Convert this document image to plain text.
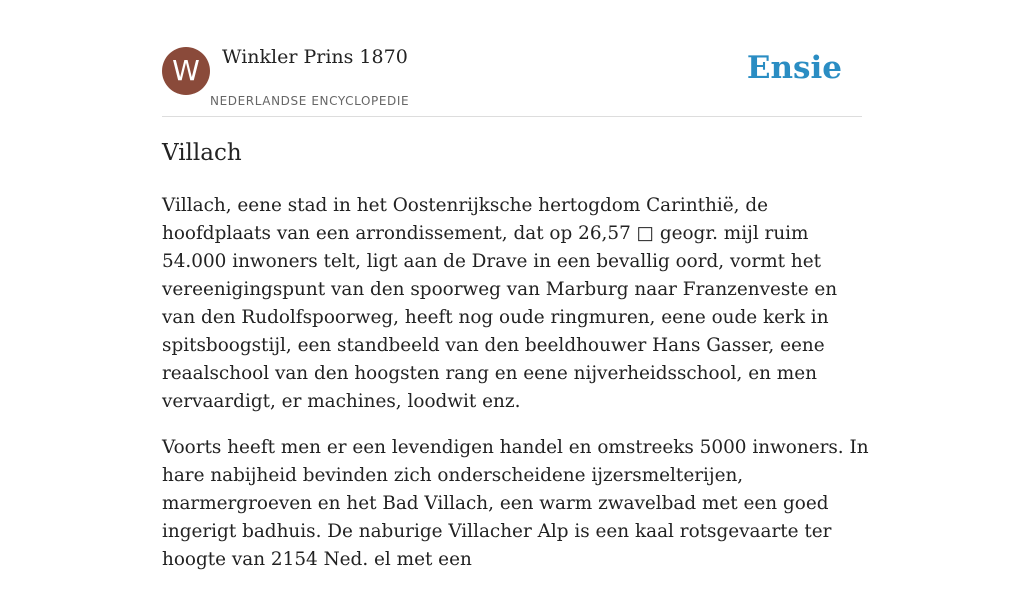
W	Winkler Prins 1870
NEDERLANDSE ENCYCLOPEDIE
Ensie
Villach

Villach, eene stad in het Oostenrijksche hertogdom Carinthië, de hoofdplaats van een arrondissement, dat op 26,57 □ geogr. mijl ruim 54.000 inwoners telt, ligt aan de Drave in een bevallig oord, vormt het vereenigingspunt van den spoorweg van Marburg naar Franzenveste en van den Rudolfspoorweg, heeft nog oude ringmuren, eene oude kerk in spitsboogstijl, een standbeeld van den beeldhouwer Hans Gasser, eene reaalschool van den hoogsten rang en eene nijverheidsschool, en men vervaardigt, er machines, loodwit enz.

Voorts heeft men er een levendigen handel en omstreeks 5000 inwoners. In hare nabijheid bevinden zich onderscheidene ijzersmelterijen, marmergroeven en het Bad Villach, een warm zwavelbad met een goed ingerigt badhuis. De naburige Villacher Alp is een kaal rotsgevaarte ter hoogte van 2154 Ned. el met een
